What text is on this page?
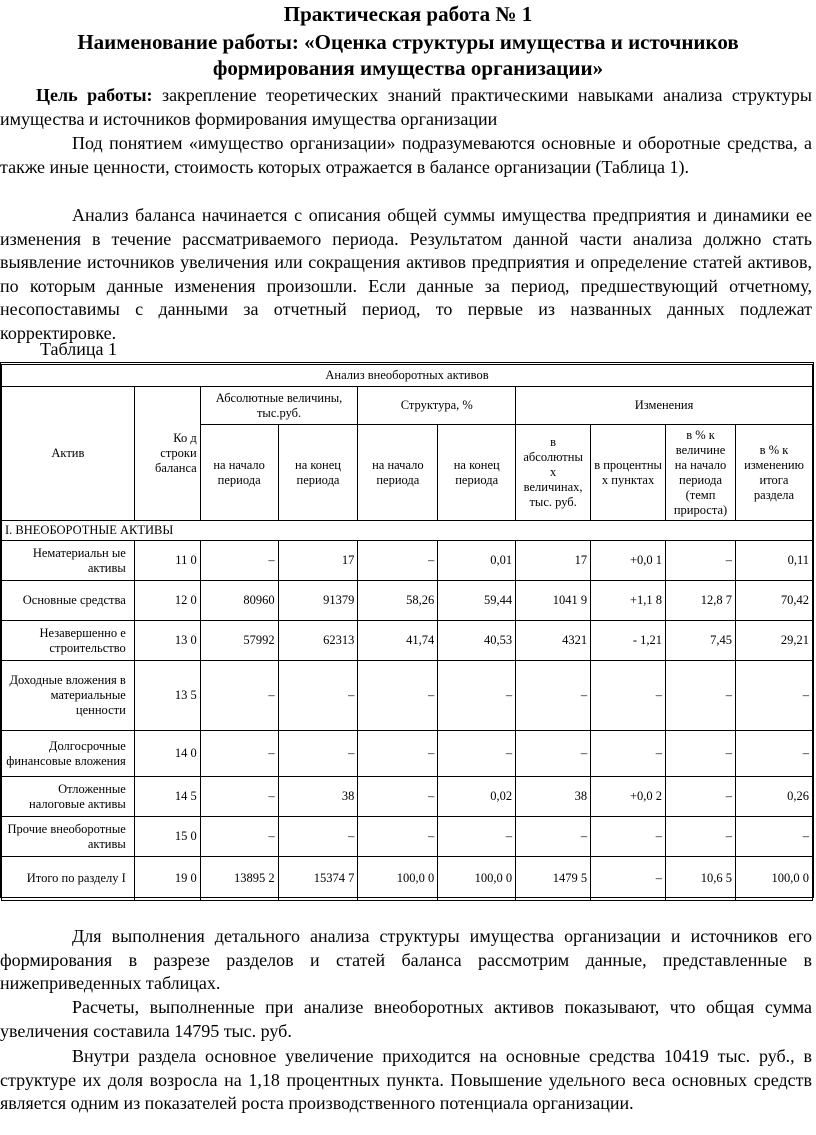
Практическая работа № 1
Наименование работы: «Оценка структуры имущества и источников
формирования имущества организации»

Цель работы: закрепление теоретических знаний практическими навыками анализа структуры имущества и источников формирования имущества организации

Под понятием «имущество организации» подразумеваются основные и оборотные средства, а также иные ценности, стоимость которых отражается в балансе организации (Таблица 1).

Анализ баланса начинается с описания общей суммы имущества предприятия и динамики ее изменения в течение рассматриваемого периода. Результатом данной части анализа должно стать выявление источников увеличения или сокращения активов предприятия и определение статей активов, по которым данные изменения произошли. Если данные за период, предшествующий отчетному, несопоставимы с данными за отчетный период, то первые из названных данных подлежат корректировке.

Таблица 1
Анализ внеоборотных активов									
Актив	Ко д строки баланса	Абсолютные величины, тыс.руб.		Структура, %		Изменения			
		на начало периода	на конец периода	на начало периода	на конец периода	в абсолютны х величинах, тыс. руб.	в процентны х пунктах	в % к величине на начало периода (темп прироста)	в % к изменению итога раздела
I. ВНЕОБОРОТНЫЕ АКТИВЫ									
Нематериальн ые активы	11 0	–	17	–	0,01	17	+0,0 1	–	0,11
Основные средства	12 0	80960	91379	58,26	59,44	1041 9	+1,1 8	12,8 7	70,42
Незавершенно е строительство	13 0	57992	62313	41,74	40,53	4321	- 1,21	7,45	29,21
Доходные вложения в материальные ценности	13 5	–	–	–	–	–	–	–	–
Долгосрочные финансовые вложения	14 0	–	–	–	–	–	–	–	–
Отложенные налоговые активы	14 5	–	38	–	0,02	38	+0,0 2	–	0,26
Прочие внеоборотные активы	15 0	–	–	–	–	–	–	–	–
Итого по разделу I	19 0	13895 2	15374 7	100,0 0	100,0 0	1479 5	–	10,6 5	100,0 0

Для выполнения детального анализа структуры имущества организации и источников его формирования в разрезе разделов и статей баланса рассмотрим данные, представленные в нижеприведенных таблицах.

Расчеты, выполненные при анализе внеоборотных активов показывают, что общая сумма увеличения составила 14795 тыс. руб.

Внутри раздела основное увеличение приходится на основные средства 10419 тыс. руб., в структуре их доля возросла на 1,18 процентных пункта. Повышение удельного веса основных средств является одним из показателей роста производственного потенциала организации.
